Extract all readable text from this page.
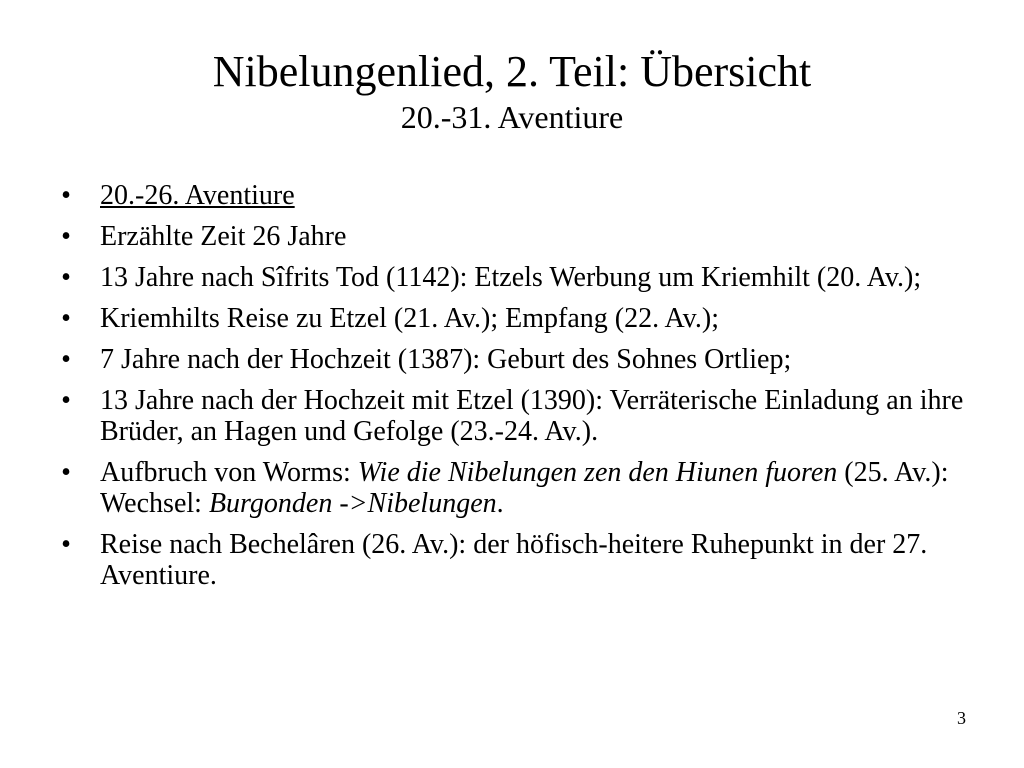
Nibelungenlied, 2. Teil: Übersicht
20.-31. Aventiure
• 20.-26. Aventiure
• Erzählte Zeit 26 Jahre
• 13 Jahre nach Sîfrits Tod (1142): Etzels Werbung um Kriemhilt (20. Av.);
• Kriemhilts Reise zu Etzel (21. Av.); Empfang (22. Av.);
• 7 Jahre nach der Hochzeit (1387): Geburt des Sohnes Ortliep;
• 13 Jahre nach der Hochzeit mit Etzel (1390): Verräterische Einladung an ihre Brüder, an Hagen und Gefolge (23.-24. Av.).
• Aufbruch von Worms: Wie die Nibelungen zen den Hiunen fuoren (25. Av.): Wechsel: Burgonden ->Nibelungen.
• Reise nach Bechelâren (26. Av.): der höfisch-heitere Ruhepunkt in der 27. Aventiure.
3
